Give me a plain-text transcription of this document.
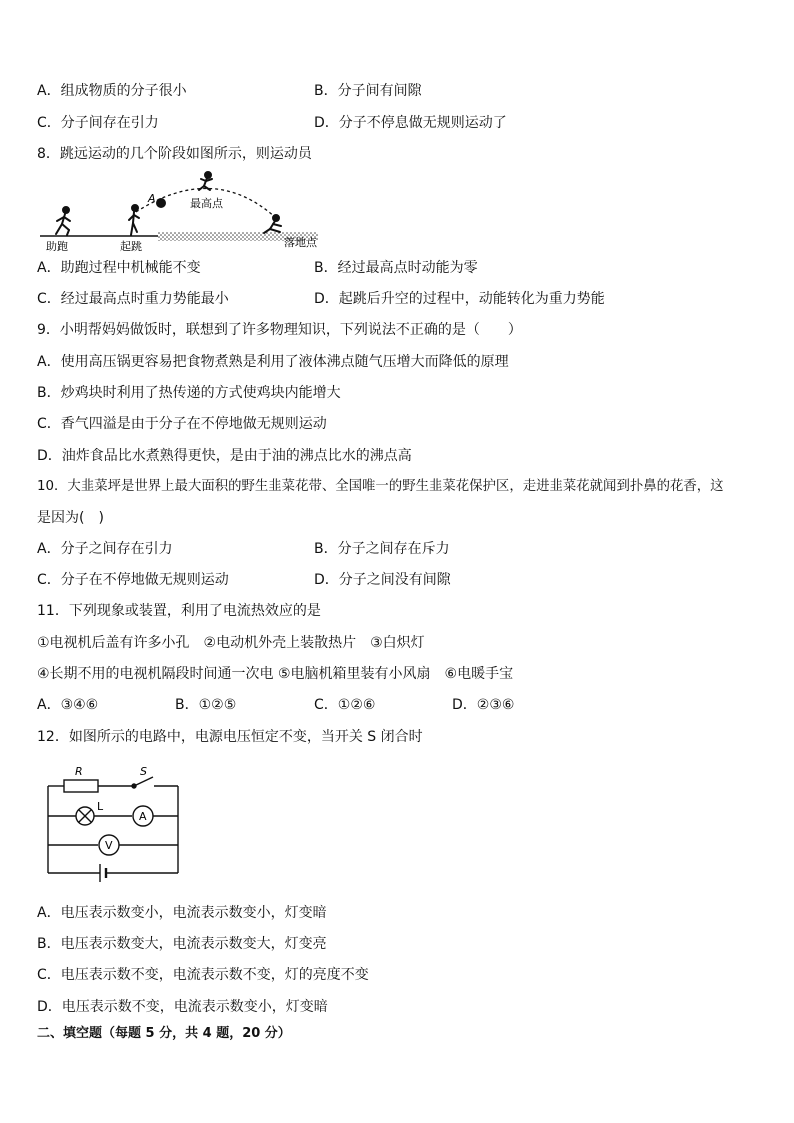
A．组成物质的分子很小	B．分子间有间隙
C．分子间存在引力	D．分子不停息做无规则运动了
8．跳远运动的几个阶段如图所示，则运动员
A	最高点
助跑	起跳	落地点
A．助跑过程中机械能不变	B．经过最高点时动能为零
C．经过最高点时重力势能最小	D．起跳后升空的过程中，动能转化为重力势能
9．小明帮妈妈做饭时，联想到了许多物理知识，下列说法不正确的是（　　）
A．使用高压锅更容易把食物煮熟是利用了液体沸点随气压增大而降低的原理
B．炒鸡块时利用了热传递的方式使鸡块内能增大
C．香气四溢是由于分子在不停地做无规则运动
D．油炸食品比水煮熟得更快，是由于油的沸点比水的沸点高
10．大韭菜坪是世界上最大面积的野生韭菜花带、全国唯一的野生韭菜花保护区，走进韭菜花就闻到扑鼻的花香，这
是因为(　)
A．分子之间存在引力	B．分子之间存在斥力
C．分子在不停地做无规则运动	D．分子之间没有间隙
11．下列现象或装置，利用了电流热效应的是
①电视机后盖有许多小孔　②电动机外壳上装散热片　③白炽灯
④长期不用的电视机隔段时间通一次电 ⑤电脑机箱里装有小风扇　⑥电暖手宝
A．③④⑥	B．①②⑤	C．①②⑥	D．②③⑥
12．如图所示的电路中，电源电压恒定不变，当开关 S 闭合时
R	S
L
A
V
A．电压表示数变小，电流表示数变小，灯变暗
B．电压表示数变大，电流表示数变大，灯变亮
C．电压表示数不变，电流表示数不变，灯的亮度不变
D．电压表示数不变，电流表示数变小，灯变暗
二、填空题（每题 5 分，共 4 题，20 分）
